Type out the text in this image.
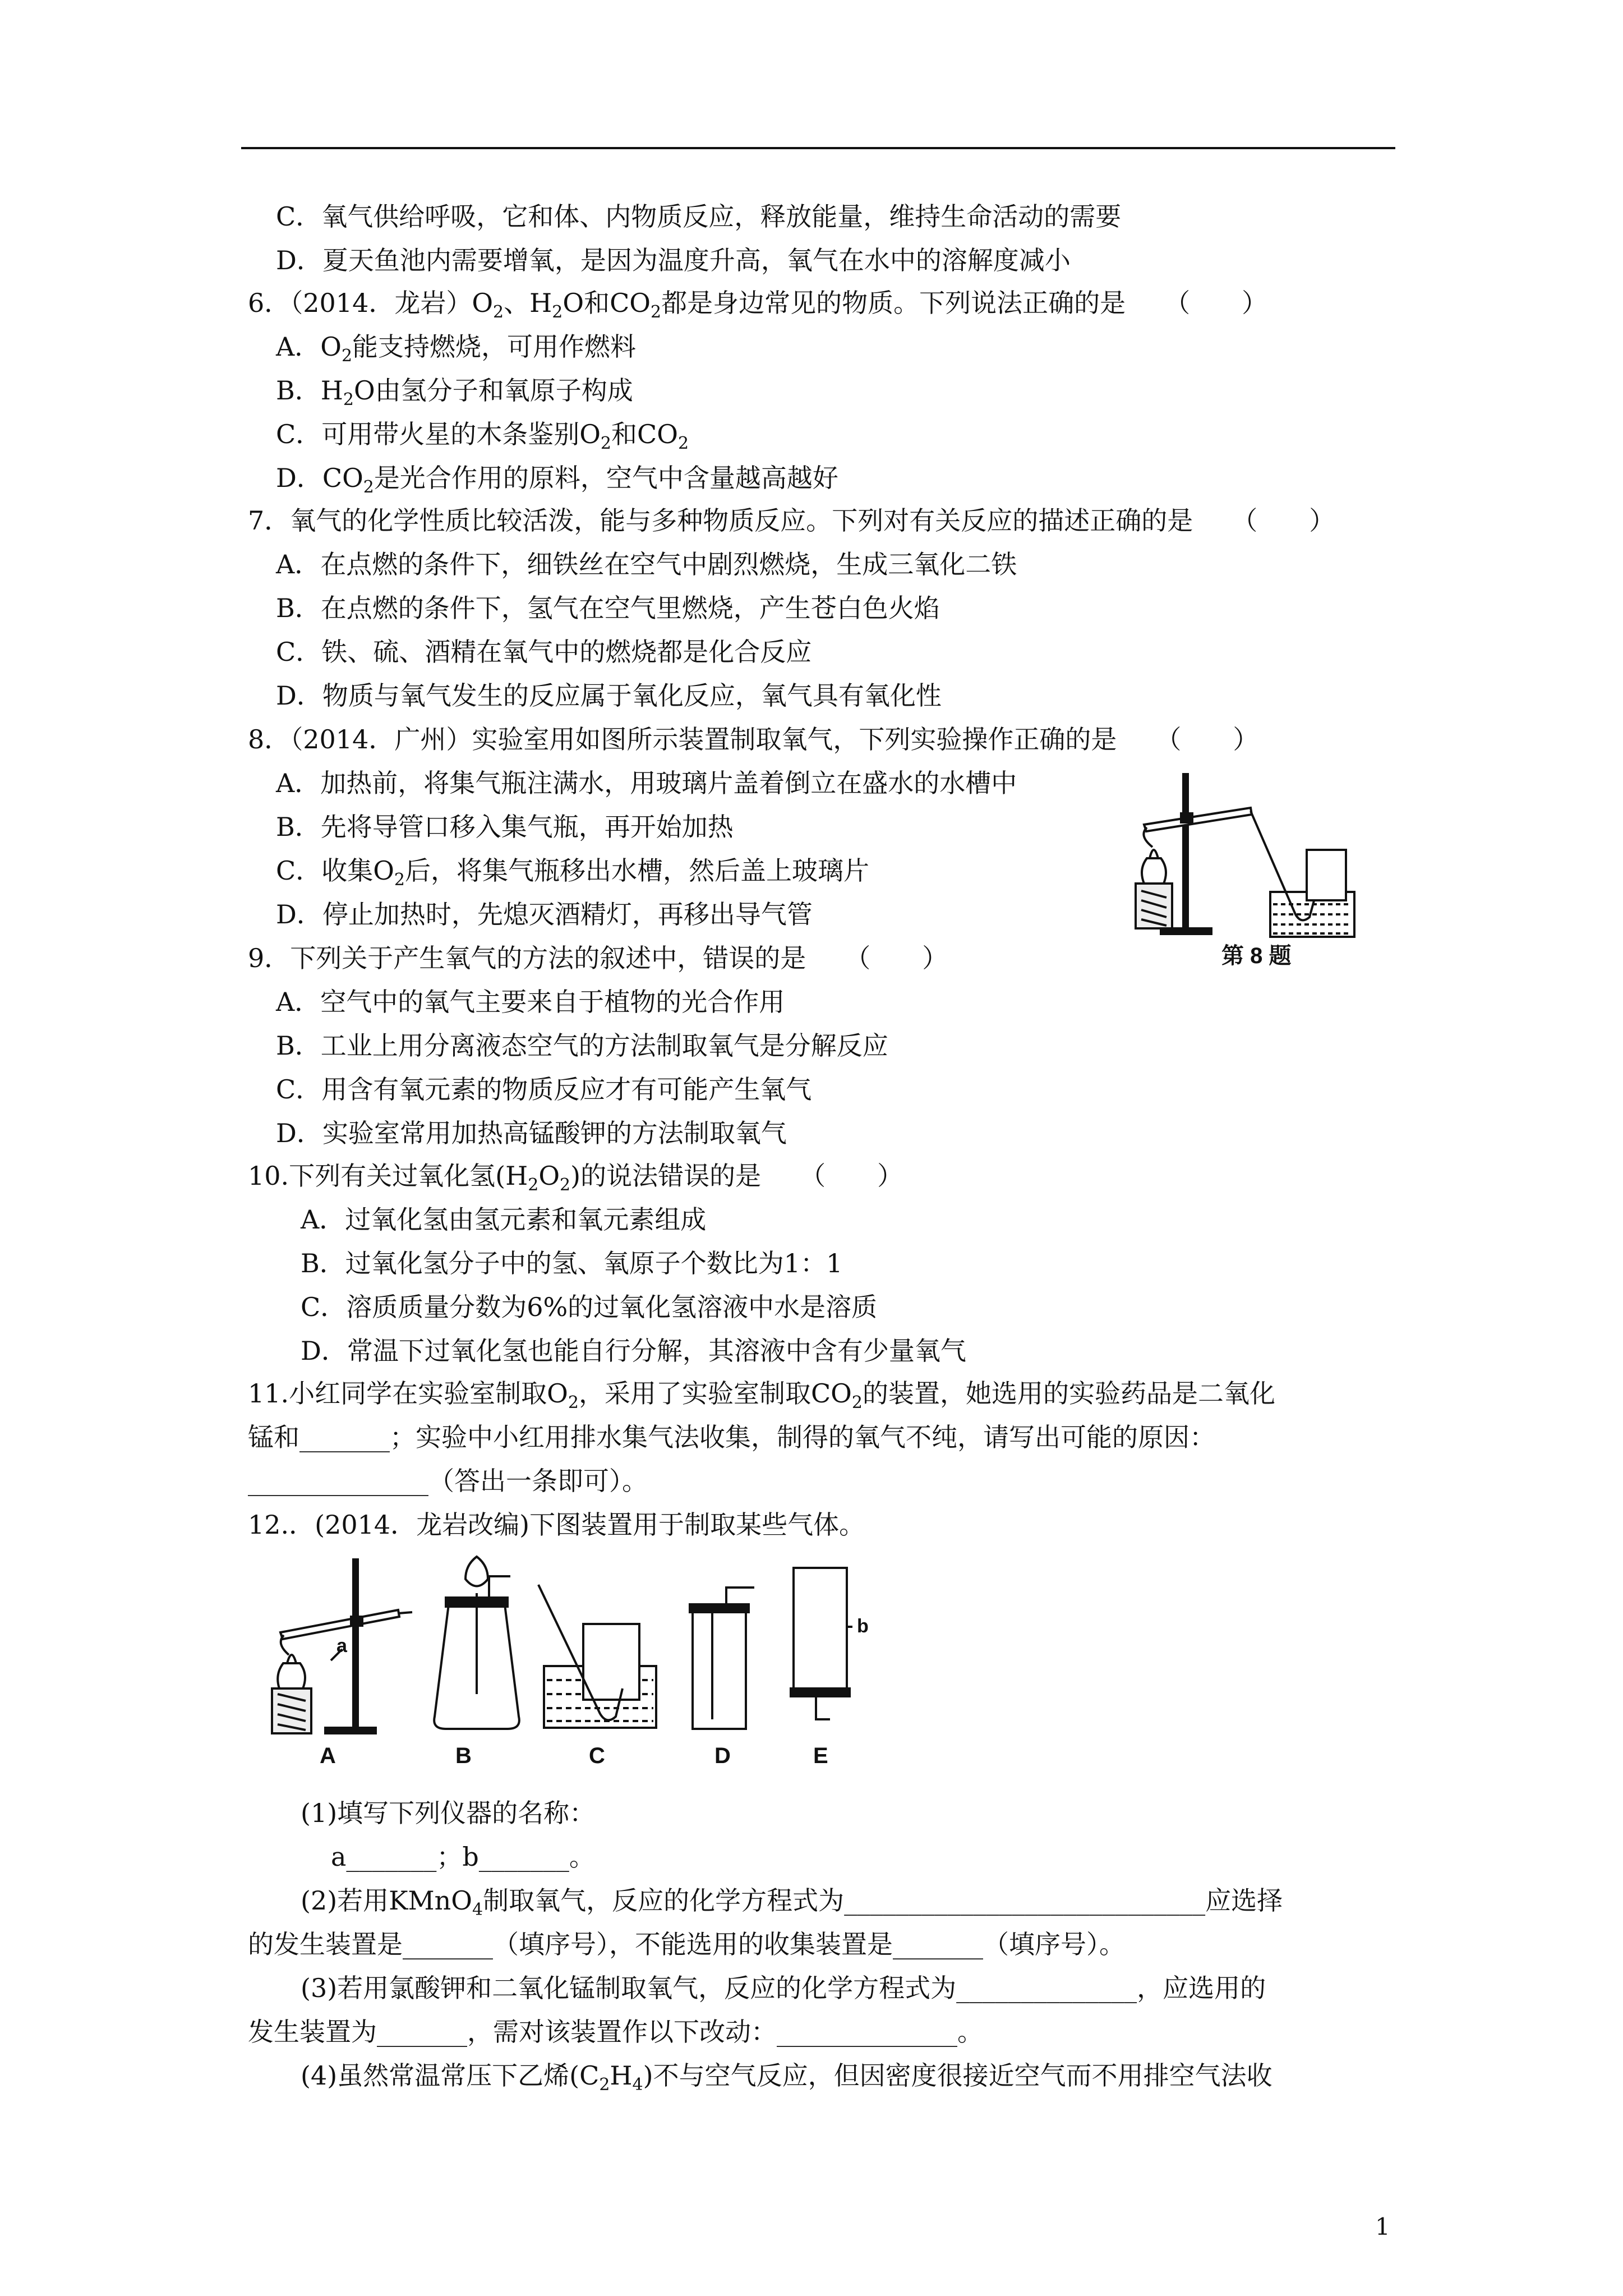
C．氧气供给呼吸，它和体、内物质反应，释放能量，维持生命活动的需要
D．夏天鱼池内需要增氧，是因为温度升高，氧气在水中的溶解度减小
6．（2014．龙岩）$O_2$、$H_2O$和$CO_2$都是身边常见的物质。下列说法正确的是　　（　　）
A．$O_2$能支持燃烧，可用作燃料
B．$H_2O$由氢分子和氧原子构成
C．可用带火星的木条鉴别$O_2$和$CO_2$
D．$CO_2$是光合作用的原料，空气中含量越高越好
7．氧气的化学性质比较活泼，能与多种物质反应。下列对有关反应的描述正确的是　　（　　）
A．在点燃的条件下，细铁丝在空气中剧烈燃烧，生成三氧化二铁
B．在点燃的条件下，氢气在空气里燃烧，产生苍白色火焰
C．铁、硫、酒精在氧气中的燃烧都是化合反应
D．物质与氧气发生的反应属于氧化反应，氧气具有氧化性
8．（2014．广州）实验室用如图所示装置制取氧气，下列实验操作正确的是　　（　　）
A．加热前，将集气瓶注满水，用玻璃片盖着倒立在盛水的水槽中
B．先将导管口移入集气瓶，再开始加热
C．收集$O_2$后，将集气瓶移出水槽，然后盖上玻璃片
D．停止加热时，先熄灭酒精灯，再移出导气管
第 8 题
9．下列关于产生氧气的方法的叙述中，错误的是　　（　　）
A．空气中的氧气主要来自于植物的光合作用
B．工业上用分离液态空气的方法制取氧气是分解反应
C．用含有氧元素的物质反应才有可能产生氧气
D．实验室常用加热高锰酸钾的方法制取氧气
10.下列有关过氧化氢$(H_2O_2)$的说法错误的是　　（　　）
A．过氧化氢由氢元素和氧元素组成
B．过氧化氢分子中的氢、氧原子个数比为1：1
C．溶质质量分数为6%的过氧化氢溶液中水是溶质
D．常温下过氧化氢也能自行分解，其溶液中含有少量氧气
11.小红同学在实验室制取$O_2$，采用了实验室制取$CO_2$的装置，她选用的实验药品是二氧化
锰和_______；实验中小红用排水集气法收集，制得的氧气不纯，请写出可能的原因：
______________（答出一条即可）。
12.．(2014．龙岩改编)下图装置用于制取某些气体。
a
b
A	B	C	D	E
(1)填写下列仪器的名称：
a_______；b_______。
(2)若用KMnO$_4$制取氧气，反应的化学方程式为____________________________应选择
的发生装置是_______（填序号），不能选用的收集装置是_______（填序号）。
(3)若用氯酸钾和二氧化锰制取氧气，反应的化学方程式为______________，应选用的
发生装置为_______，需对该装置作以下改动：______________。
(4)虽然常温常压下乙烯$(C_2H_4)$不与空气反应，但因密度很接近空气而不用排空气法收
1
